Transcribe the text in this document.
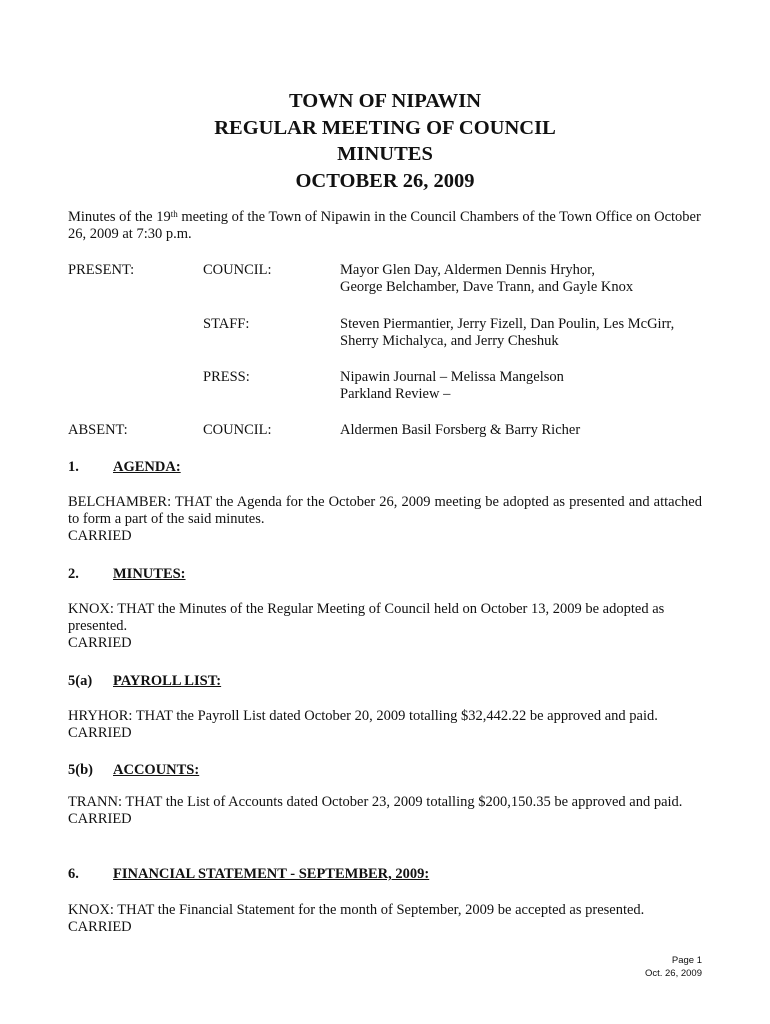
TOWN OF NIPAWIN
REGULAR MEETING OF COUNCIL
MINUTES
OCTOBER 26, 2009
Minutes of the 19th meeting of the Town of Nipawin in the Council Chambers of the Town Office on October 26, 2009 at 7:30 p.m.
PRESENT:	COUNCIL:	Mayor Glen Day, Aldermen Dennis Hryhor,
George Belchamber, Dave Trann, and Gayle Knox
STAFF:	Steven Piermantier, Jerry Fizell, Dan Poulin, Les McGirr,
Sherry Michalyca, and Jerry Cheshuk
PRESS:	Nipawin Journal – Melissa Mangelson
Parkland Review –
ABSENT:	COUNCIL:	Aldermen Basil Forsberg & Barry Richer
1. AGENDA:
BELCHAMBER: THAT the Agenda for the October 26, 2009 meeting be adopted as presented and attached to form a part of the said minutes.
CARRIED
2. MINUTES:
KNOX: THAT the Minutes of the Regular Meeting of Council held on October 13, 2009 be adopted as presented.
CARRIED
5(a) PAYROLL LIST:
HRYHOR: THAT the Payroll List dated October 20, 2009 totalling $32,442.22 be approved and paid.
CARRIED
5(b) ACCOUNTS:
TRANN: THAT the List of Accounts dated October 23, 2009 totalling $200,150.35 be approved and paid.
CARRIED
6. FINANCIAL STATEMENT - SEPTEMBER, 2009:
KNOX: THAT the Financial Statement for the month of September, 2009 be accepted as presented.
CARRIED
Page 1
Oct. 26, 2009
